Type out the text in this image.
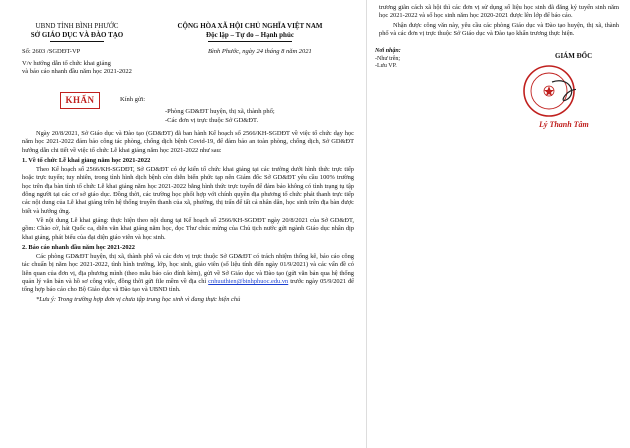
UBND TỈNH BÌNH PHƯỚC
SỞ GIÁO DỤC VÀ ĐÀO TẠO
CỘNG HÒA XÃ HỘI CHỦ NGHĨA VIỆT NAM
Độc lập – Tự do – Hạnh phúc
Số: 2603 /SGDĐT-VP	Bình Phước, ngày 24 tháng 8 năm 2021
V/v hướng dẫn tổ chức khai giảng
và báo cáo nhanh đầu năm học 2021-2022
KHẨN	Kính gửi:
-Phòng GD&ĐT huyện, thị xã, thành phố;
-Các đơn vị trực thuộc Sở GD&ĐT.

Ngày 20/8/2021, Sở Giáo dục và Đào tạo (GD&ĐT) đã ban hành Kế hoạch số 2566/KH-SGDĐT về việc tổ chức dạy học năm học 2021-2022 đảm bảo công tác phòng, chống dịch bệnh Covid-19, để đảm bảo an toàn phòng, chống dịch, Sở GD&ĐT hướng dẫn chi tiết về việc tổ chức Lễ khai giảng năm học 2021-2022 như sau:

1. Về tổ chức Lễ khai giảng năm học 2021-2022

Theo Kế hoạch số 2566/KH-SGDĐT, Sở GD&ĐT có dự kiến tổ chức khai giảng tại các trường dưới hình thức trực tiếp hoặc trực tuyến; tuy nhiên, trong tình hình dịch bệnh còn diễn biến phức tạp nên Giám đốc Sở GD&ĐT yêu cầu 100% trường học trên địa bàn tỉnh tổ chức Lễ khai giảng năm học 2021-2022 bằng hình thức trực tuyến để đảm bảo không có tình trạng tụ tập đông người tại các cơ sở giáo dục. Đồng thời, các trường học phối hợp với chính quyền địa phương tổ chức phát thanh trực tiếp các nội dung của Lễ khai giảng trên hệ thống truyền thanh của xã, phường, thị trấn để tất cả nhân dân, học sinh trên địa bàn được biết và hưởng ứng.

Về nội dung Lễ khai giảng: thực hiện theo nội dung tại Kế hoạch số 2566/KH-SGDĐT ngày 20/8/2021 của Sở GD&ĐT, gồm: Chào cờ, hát Quốc ca, diễn văn khai giảng năm học, đọc Thư chúc mừng của Chủ tịch nước gửi ngành Giáo dục nhân dịp khai giảng, phát biểu của đại diện giáo viên và học sinh.

2. Báo cáo nhanh đầu năm học 2021-2022

Các phòng GD&ĐT huyện, thị xã, thành phố và các đơn vị trực thuộc Sở GD&ĐT có trách nhiệm thống kê, báo cáo công tác chuẩn bị năm học 2021-2022, tình hình trường, lớp, học sinh, giáo viên (số liệu tính đến ngày 01/9/2021) và các vấn đề có liên quan của đơn vị, địa phương mình (theo mẫu báo cáo đính kèm), gửi về Sở Giáo dục và Đào tạo (gửi văn bản qua hệ thống quản lý văn bản và hồ sơ công việc, đồng thời gửi file mềm về địa chỉ cnhuuthien@binhphuoc.edu.vn trước ngày 05/9/2021 để tổng hợp báo cáo cho Bộ Giáo dục và Đào tạo và UBND tỉnh.

*Lưu ý: Trong trường hợp đơn vị chưa tập trung học sinh vì đang thực hiện chủ

trương giãn cách xã hội thì các đơn vị sử dụng số liệu học sinh đã đăng ký tuyển sinh năm học 2021-2022 và số học sinh năm học 2020-2021 được lên lớp để báo cáo.

Nhận được công văn này, yêu cầu các phòng Giáo dục và Đào tạo huyện, thị xã, thành phố và các đơn vị trực thuộc Sở Giáo dục và Đào tạo khẩn trương thực hiện.

Nơi nhận:
-Như trên;
-Lưu VP.
GIÁM ĐỐC
Lý Thanh Tâm
